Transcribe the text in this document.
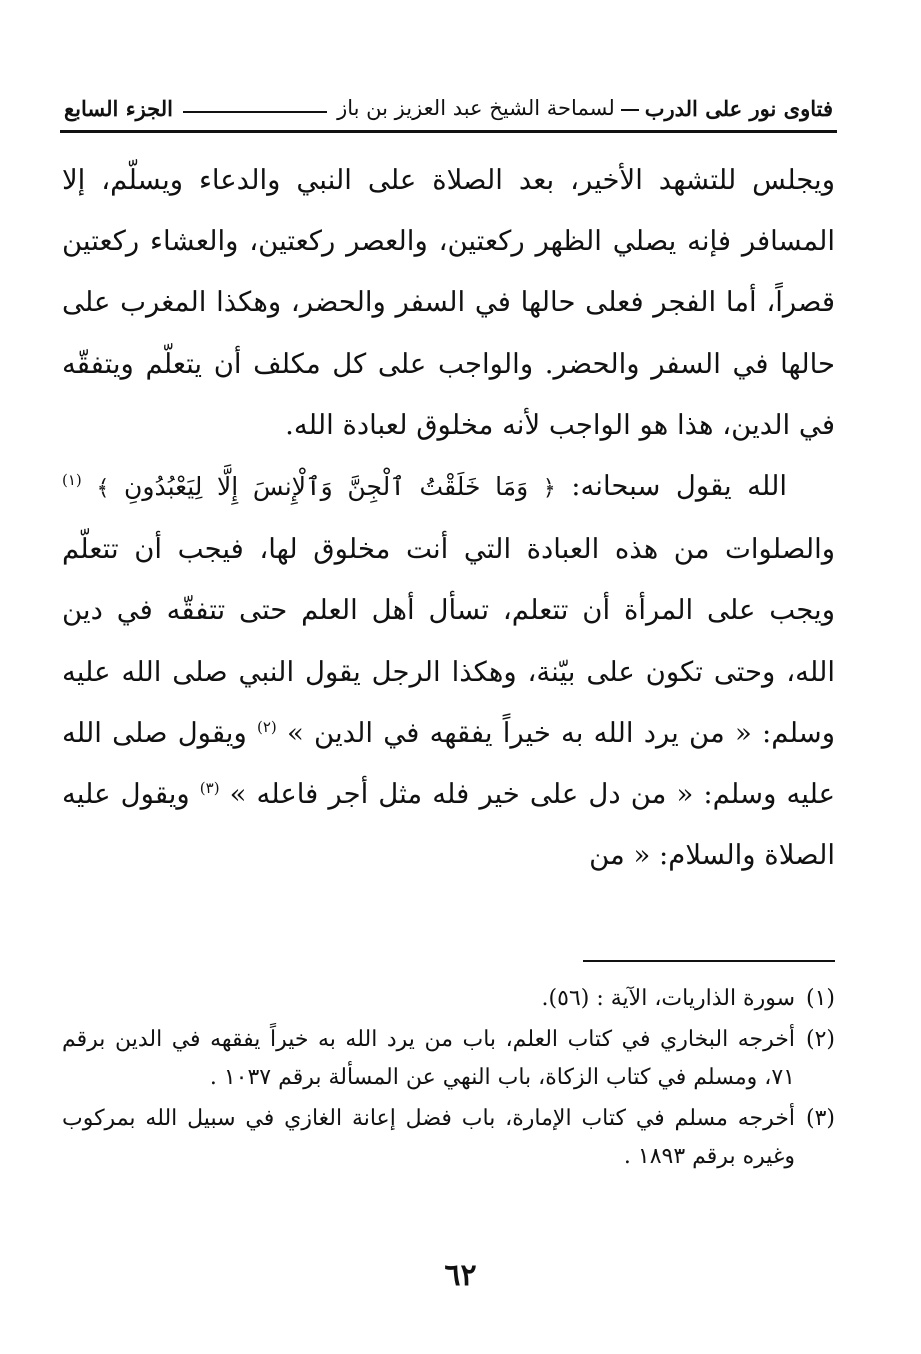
فتاوى نور على الدرب
لسماحة الشيخ عبد العزيز بن باز
الجزء السابع

ويجلس للتشهد الأخير، بعد الصلاة على النبي والدعاء ويسلّم، إلا المسافر فإنه يصلي الظهر ركعتين، والعصر ركعتين، والعشاء ركعتين قصراً، أما الفجر فعلى حالها في السفر والحضر، وهكذا المغرب على حالها في السفر والحضر. والواجب على كل مكلف أن يتعلّم ويتفقّه في الدين، هذا هو الواجب لأنه مخلوق لعبادة الله.

الله يقول سبحانه: ﴿ وَمَا خَلَقْتُ ٱلْجِنَّ وَٱلْإِنسَ إِلَّا لِيَعْبُدُونِ ﴾ $^{(١)}$ والصلوات من هذه العبادة التي أنت مخلوق لها، فيجب أن تتعلّم ويجب على المرأة أن تتعلم، تسأل أهل العلم حتى تتفقّه في دين الله، وحتى تكون على بيّنة، وهكذا الرجل يقول النبي صلى الله عليه وسلم: « من يرد الله به خيراً يفقهه في الدين » $^{(٢)}$ ويقول صلى الله عليه وسلم: « من دل على خير فله مثل أجر فاعله » $^{(٣)}$ ويقول عليه الصلاة والسلام: « من

(١)
سورة الذاريات، الآية : (٥٦).
(٢)
أخرجه البخاري في كتاب العلم، باب من يرد الله به خيراً يفقهه في الدين برقم ٧١، ومسلم في كتاب الزكاة، باب النهي عن المسألة برقم ١٠٣٧ .
(٣)
أخرجه مسلم في كتاب الإمارة، باب فضل إعانة الغازي في سبيل الله بمركوب وغيره برقم ١٨٩٣ .
٦٢
